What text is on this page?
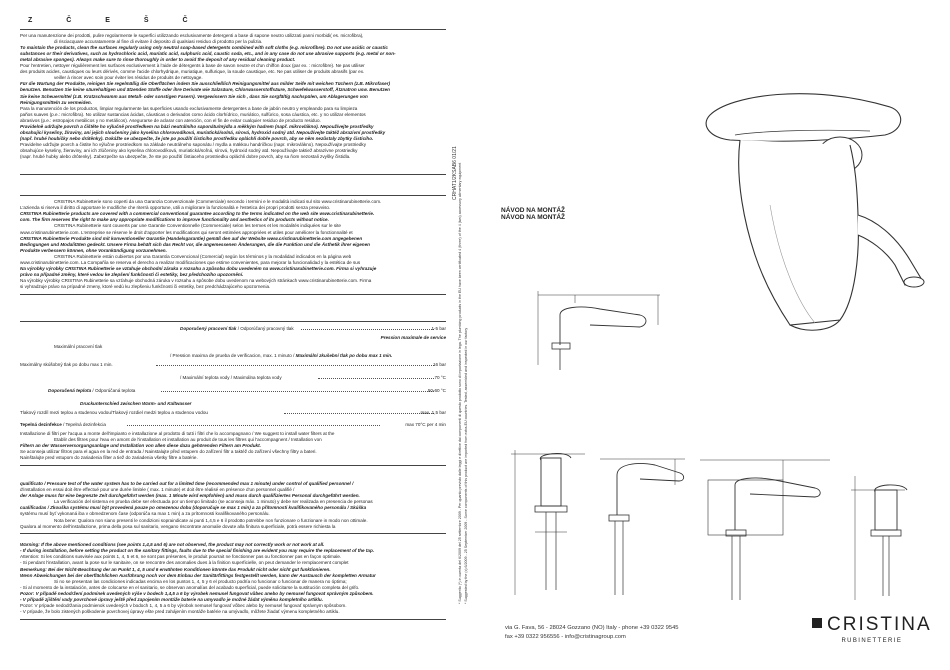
Z Č E Š Č
Per una manutenzione dei prodotti, pulire regolarmente le superfici utilizzando esclusivamente detergenti a base di sapone neutro utilizzati panni morbidi( es. microfibra),
di risciacquare accuratamente al fine di evitare il deposito di qualsiasi residuo di prodotto per la pulizia.
To maintain the products, clean the surfaces regularly using only neutral soap-based detergents combined with soft cloths (e.g. microfibre). Do not use acidic or caustic
substances or their derivatives, such as hydrochloric acid, muriatic acid, sulphuric acid, caustic soda, etc., and in any case do not use abrasive supports (e.g. metal or non-
metal abrasive sponges). Always make sure to rinse thoroughly in order to avoid the deposit of any residual cleaning product.
Pour l'entretien, nettoyer régulièrement les surfaces exclusivement à l'aide de détergents à base de savon neutre et d'un chiffon doux (par ex. : microfibre). Ne pas utiliser
des produits acides, caustiques ou leurs dérivés, comme l'acide chlorhydrique, muriatique, sulfurique, la soude caustique, etc. Ne pas utiliser de produits abrasifs (par ex.
veiller à rincer avec soin pour éviter les résidus de produits de nettoyage.
Für die Wartung der Produkte, reinigen Sie regelmäßig die Oberflächen indem Sie ausschließlich Reinigungsmittel aus milder Seife mit weichen Tüchern (z.B. Mikrofaser)
benutzen. Benutzen Sie keine säurehaltigen und ätzenden Stoffe oder ihre Derivate wie Salzsäure, Chlorwasserstoffsäure, Schwefelwasserstoff, Ätznatron usw. Benutzen
Sie keine Scheuermittel (z.B. Kratzschwamm aus Metall- oder sonstigen Fasern). Vergewissern Sie sich , dass Sie sorgfältig nachspülen, um Ablagerungen von
Reinigungsmitteln zu vermeiden.
Para la manutención de los productos, limpiar regularmente las superficies usando exclusivamente detergentes a base de jabón neutro y empleando para su limpieza
paños suaves (p.e.: microfibra). No utilizar sustancias ácidas, cáusticas o derivados como ácido clorhídrico, muriático, sulfúrico, sosa cáustica, etc. y no utilizar elementos
abrasivos (p.e.: estropajos metálicos y no metálicos). Asegurarse de aclarar con atención, con el fin de evitar cualquier residuo de producto residuo.
Pravidelně udržujte povrch a čištěte ho výlučně prostředkem na bázi neutrálního saponátu/mýdla a měkkým hadrem (např. mikrovlákno). Nepoužívejte prostředky
obsahující kyseliny, žíraviny, ani jejich sloučeniny jako kyselina chlorovodíková, muriatická/solná, sírová, hydroxid sodný atd. Nepoužívejte taktéž abrazivní prostředky
(např. hrubé houbičky nebo drátěnky). Dokážte se ubezpečte, že jste po použití čisticího prostředku opláchli dobře povrch, aby se něm nezůstaly zbytky čisticího.
Pravidelne udržujte povrch a čistite ho výlučne prostriedkom na základe neutrálneho saponátu / mydla a mäkkou handričkou (napr. mikrovlákno). Nepoužívajte prostriedky
obsahujúce kyseliny, žieraviny, ani ich zlúčeniny ako kyselina chlorovodíková, muriatická/soľná, sírová, hydroxid sodný atd. Nepoužívajte taktiež abrazívne prostriedky
(napr. hrubé hubky alebo drôtenky). Zabezpečte sa ubezpečte, že ste po použití čistiaceho prostriedku opláchli dobre povrch, aby sa ňom nezostali zvyšky čistidla.
CRISTINA Rubinetterie sono coperti da una Garanzia Convenzionale (Commerciale) secondo i termini e le modalità indicati sul sito www.cristinarubinetterie.com.
L'azienda si riserva il diritto di apportare le modifiche che riterrà opportune, utili a migliorare la funzionalità e l'estetica dei propri prodotti senza preavviso.
CRISTINA Rubinetterie products are covered with a commercial conventional guarantee according to the terms indicated on the web site www.cristinarubinetterie.
com. The firm reserves the right to make any appropriate modifications to improve functionality and aesthetics of its products without notice.
CRISTINA Rubinetterie sont couverts par une Garantie Conventionnelle (Commerciale) selon les termes et les modalités indiquées sur le site
www.cristinarubinetterie.com. L'entreprise se réserve le droit d'apporter les modifications qui seront estimées appropriées et utiles pour améliorer la fonctionnalité et
CRISTINA Rubinetterie Produkte sind mit konventioneller Garantie (Handelsgarantie) gemäß den auf der Website www.cristinarubinetterie.com angegebenen
Bedingungen und Modalitäten gedeckt. Unsere Firma behält sich das Recht vor, die angemessenen Änderungen, die die Funktion und die Ästhetik ihrer eigenen
Produkte verbessern können, ohne Vorankündigung vorzunehmen.
CRISTINA Rubinetterie están cubiertos por una Garantía Convencional (Comercial) según los términos y la modalidad indicados en la página web
www.cristinarubinetterie.com. La Compañía se reserva el derecho a realizar modificaciones que estime convenientes, para mejorar la funcionalidad y la estética de sus
Na výrobky výrobky CRISTINA Rubinetterie se vztahuje obchodní záruka v rozsahu a způsobu dobu uvedeném na www.cristinarubinetterie.com. Firma si vyhrazuje
právo na případné změny, které vedou ke zlepšení funkčnosti či estetiky, bez předchozího upozornění.
Na výrobky výrobky CRISTINA Rubinetterie sa vzťahuje obchodná záruka v rozsahu a spôsobe dobu uvedenom na webových stránkach www.cristinarubinetterie.com. Firma
si vyhradzuje právo na prípadné zmeny, ktoré vedú ku zlepšeniu funkčnosti či estetiky, bez predchádzajúceho upozornenia.
Doporučený pracovní tlak / Odporúčaný pracovný tlak	1-5 bar
Pression maximale de service
Maximální pracovní tlak
/ Pression maxima de prueba de verificacion, max. 1 minuto / Maximální zkušební tlak po dobu max 1 min.
Maximálny skúšobný tlak po dobu max 1 min.	16 bar
/ Maximální teplota vody / Maximálna teplota vody	70 °C
Doporučená teplota / Odporúčaná teplota	50-60 °C
Druckunterschied zwischen Warm- und Kaltwasser
Tlakový rozdíl mezi teplou a studenou vodou/Tlakový rozdiel medzi teplou a studenou vodou	max. 1,5 bar
Tepelná dezinfekce / Tepelná dezinfekcia	max 70°C per 4 min
Installazione di filtri per l'acqua a monte dell'impianto e installazione al prodotto di tutti i filtri che lo accompagnano / We suggest to install water filters at the
Etablir des filtres pour l'eau en amont de l'installation et installation au produit de tous les filtres qui l'accompagnent / Installation von
Filtern an der Wasserversorgungsanlage und Installation von allen diese dazu gehörenden Filtern am Produkt.
Se aconseja utilizar filtros para el agua en la red de entrada / Nainstalujte před vstupem do zařízení filtr a taktéž do zařízení všechny filtry a bateri.
Nainštalujte pred vstupom do zariadenia filter a tiež do zariadenia všetky filtre a batérie.
qualificato / Pressure test of the water system has to be carried out for a limited time (recommended max 1 minute) under control of qualified personnel /
d'installation en essai doit être effectué pour une durée limitée ( max. 1 minute) et doit être réalisé en présence d'un personnel qualifié /
der Anlage muss für eine begrenzte Zeit durchgeführt werden (max. 1 Minute wird empfohlen) und muss durch qualifiziertes Personal durchgeführt werden.
La verificación del sistema en prueba debe ser efectuada por un tiempo limitado (se aconseja máx. 1 minuto) y debe ser realizada en presencia de personas
cualificadas / Zkouška systému musí být provedená pouze po omezenou dobu (doporučuje se max 1 min) a za přítomnosti kvalifikovaného personálu / Skúška
systému musí byť vykonaná iba v obmedzenom čase (odporúča sa max 1 min) a za prítomnosti kvalifikovaného personálu.
Nota bene: Qualora non siano presenti le condizioni sopraindicate ai punti 1,4,5 e 6 il prodotto potrebbe non funzionare o funzionare in modo non ottimale.
Qualora al momento dell'installazione, prima della posa sul sanitario, vengano riscontrate anomalie dovute alla finitura superficiale, potrà essere richiesta la
Warning: If the above mentioned conditions (see points 1,4,5 and 6) are not observed, the product may not correctly work or not work at all.
- If during installation, before setting the product on the sanitary fittings, faults due to the special finishing are evident you may require the replacement of the tap.
Attention: Si les conditions susvisée aux points 1, 4, 5 et 6, ne sont pas présentes, le produit pourrait ne fonctionner pas ou fonctionner pas en façon optimale.
- Si pendant l'installation, avant la pose sur le sanitaire, on se rencontre des anomalies dues à la finition superficielle, on peut demander le remplacement complet
Bemerkung: Bei der Nicht-Beachtung der an Punkt 1, 4, 5 und 6 erwähnten Konditionen könnte das Produkt nicht oder nicht gut funktionieren.
Wenn Abweichungen bei der oberflächlichen Ausführung noch vor dem Einbau der Sanitärfittings festgestellt werden, kann der Austausch der kompletten Armatur
Si no se presentan las condiciones indicadas encima en los puntos 1, 4, 5 y 6 el producto podría no funcionar o funcionar de manera no óptima;
- Si al momento de la instalación, antes de colocarse en el sanitario, se observan anomalías del acabado superficial, puede solicitarse la sustitución completa del grifo.
Pozor: V případě nedodržení podmínek uvedených výše v bodech 1,4,5 a 6 by výrobek nemusel fungovat vůbec anebo by nemusel fungovat správným způsobem.
- V případě zjištění vady povrchové úpravy ještě před zapojením montáže baterie na umyvadlo je možné žádat výměnu kompletního artiklu.
Pozor: V prípade nedodržania podmienok uvedených v bodoch 1, 4, 5 a 6 by výrobok nemusel fungovať vôbec alebo by nemusel fungovať správnym spôsobom.
- V prípade, že bolo zistených poškodenie povrchovej úpravy ešte pred zahájením montáže batérie na umývadlo, môžete žiadať výmenu kompletného artiklu.
CRHAT1/2KSAB6 01/21 * Suggerito (*) in cuenta del 6/2009 del 25 settembre 2009 - Per quanto previsto dalle leggi e direttive dai componenti di questo prodotto sono di importazione in lega. The plumbing products in the EU have been certificated 4 (three) of the 4 (two) accessory alimentary equipment * Suggested by the (c) 6/2009 - 25 September 2009 - Some components of this product are imported from extra-EU countries. Tested, assembled and inspected in our factory
NÁVOD NA MONTÁŽ
NÁVOD NA MONTÁŽ
via G. Fava, 56 - 28024 Gozzano (NO) Italy - phone +39 0322 9545
fax +39 0322 956556 - info@cristinagroup.com
CRISTINA
RUBINETTERIE
